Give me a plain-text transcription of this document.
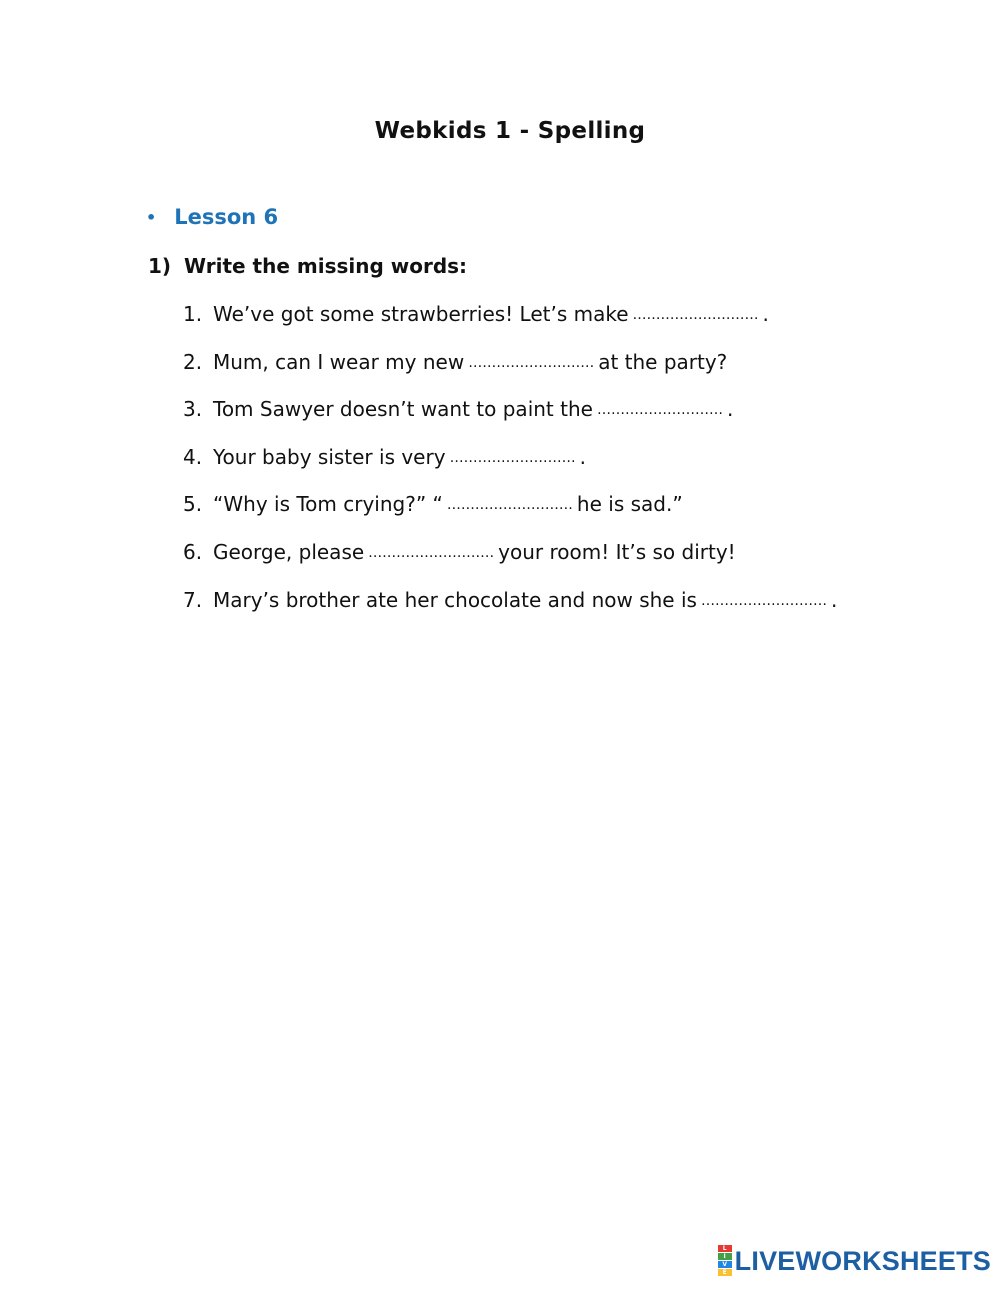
Webkids 1 - Spelling
• Lesson 6
1) Write the missing words:
1. We’ve got some strawberries! Let’s make ……………………… .
2. Mum, can I wear my new ……………………… at the party?
3. Tom Sawyer doesn’t want to paint the ……………………… .
4. Your baby sister is very ……………………… .
5. “Why is Tom crying?” “ ……………………… he is sad.”
6. George, please ……………………… your room! It’s so dirty!
7. Mary’s brother ate her chocolate and now she is ……………………… .
L
I
V
E LIVEWORKSHEETS
